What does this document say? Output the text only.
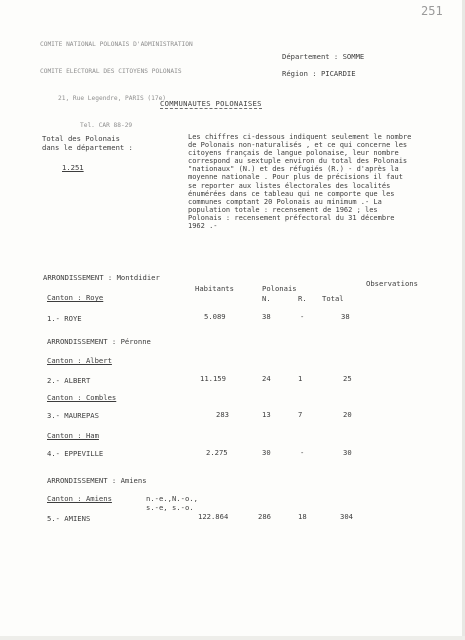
251

COMITE NATIONAL POLONAIS D'ADMINISTRATION

COMITE ELECTORAL DES CITOYENS POLONAIS

21, Rue Legendre, PARIS (17e)

Tel. CAR 88-29

Département : SOMME
Région : PICARDIE
COMMUNAUTES POLONAISES
Total des Polonais
dans le département :
1.251
Les chiffres ci-dessous indiquent seulement le nombre de Polonais non-naturalisés , et ce qui concerne les citoyens français de langue polonaise, leur nombre correspond au sextuple environ du total des Polonais "nationaux" (N.) et des réfugiés (R.) - d'après la moyenne nationale . Pour plus de précisions il faut se reporter aux listes électorales des localités énumérées dans ce tableau qui ne comporte que les communes comptant 20 Polonais au minimum .- La population totale : recensement de 1962 ; les Polonais : recensement préfectoral du 31 décembre 1962 .-
ARRONDISSEMENT : Montdidier
Habitants	Polonais
N.	R. Total
Observations
Canton : Roye
1.- ROYE	5.089	38	-	38
ARRONDISSEMENT : Péronne
Canton : Albert
2.- ALBERT	11.159	24	1	25
Canton : Combles
3.- MAUREPAS	283	13	7	20
Canton : Ham
4.- EPPEVILLE	2.275	30	-	30
ARRONDISSEMENT : Amiens
Canton : Amiens	n.-e.,N.-o.,
s.-e, s.-o.
5.- AMIENS	122.864	286	18	304
